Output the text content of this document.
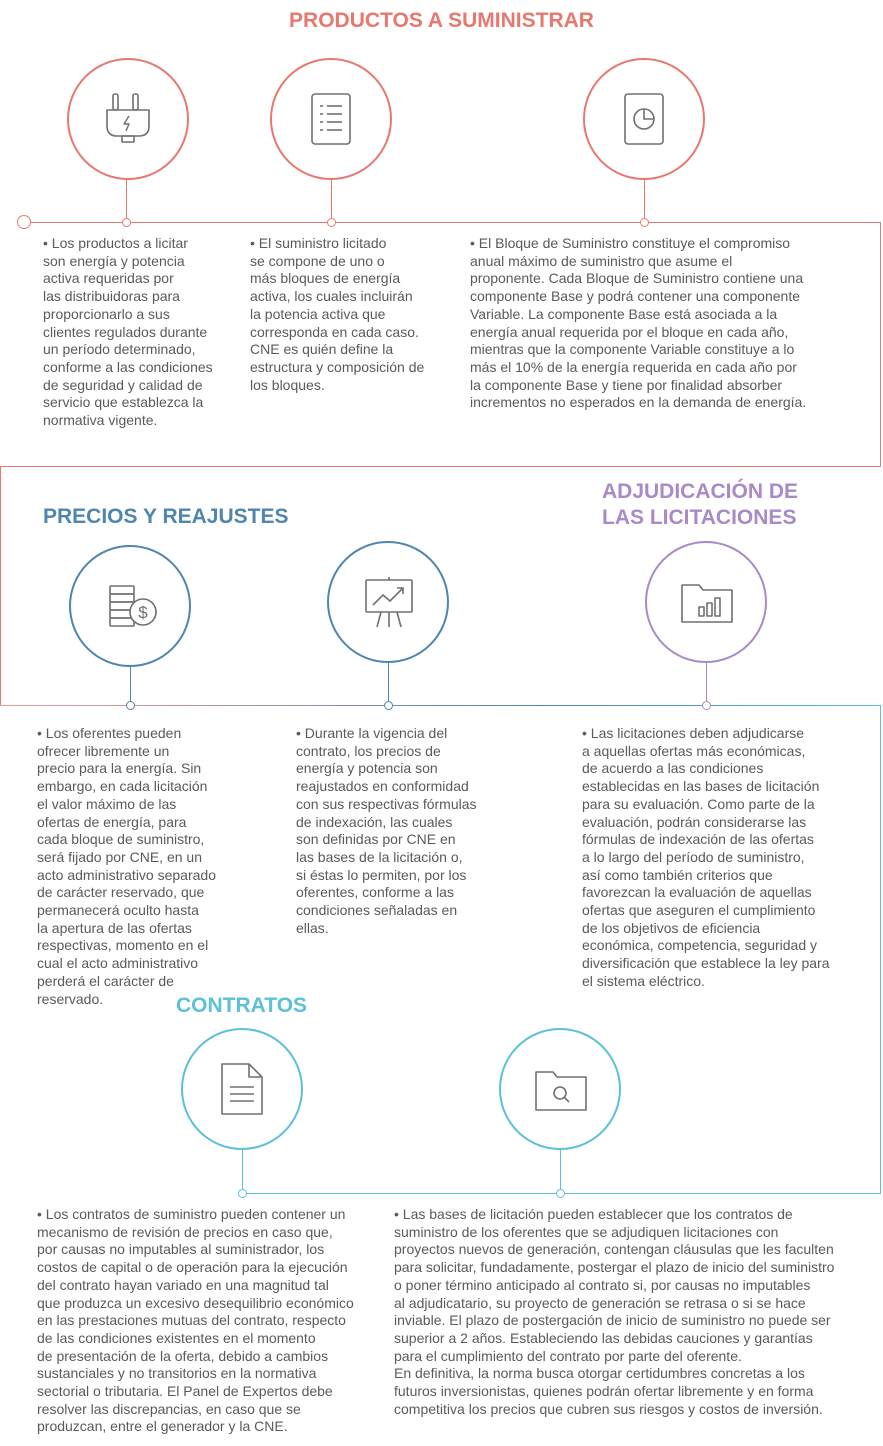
PRODUCTOS A SUMINISTRAR
• Los productos a licitar
son energía y potencia
activa requeridas por
las distribuidoras para
proporcionarlo a sus
clientes regulados durante
un período determinado,
conforme a las condiciones
de seguridad y calidad de
servicio que establezca la
normativa vigente.
• El suministro licitado
se compone de uno o
más bloques de energía
activa, los cuales incluirán
la potencia activa que
corresponda en cada caso.
CNE es quién define la
estructura y composición de
los bloques.
• El Bloque de Suministro constituye el compromiso
anual máximo de suministro que asume el
proponente. Cada Bloque de Suministro contiene una
componente Base y podrá contener una componente
Variable. La componente Base está asociada a la
energía anual requerida por el bloque en cada año,
mientras que la componente Variable constituye a lo
más el 10% de la energía requerida en cada año por
la componente Base y tiene por finalidad absorber
incrementos no esperados en la demanda de energía.
PRECIOS Y REAJUSTES
$
• Los oferentes pueden
ofrecer libremente un
precio para la energía. Sin
embargo, en cada licitación
el valor máximo de las
ofertas de energía, para
cada bloque de suministro,
será fijado por CNE, en un
acto administrativo separado
de carácter reservado, que
permanecerá oculto hasta
la apertura de las ofertas
respectivas, momento en el
cual el acto administrativo
perderá el carácter de
reservado.
• Durante la vigencia del
contrato, los precios de
energía y potencia son
reajustados en conformidad
con sus respectivas fórmulas
de indexación, las cuales
son definidas por CNE en
las bases de la licitación o,
si éstas lo permiten, por los
oferentes, conforme a las
condiciones señaladas en
ellas.
ADJUDICACIÓN DE
LAS LICITACIONES
• Las licitaciones deben adjudicarse
a aquellas ofertas más económicas,
de acuerdo a las condiciones
establecidas en las bases de licitación
para su evaluación. Como parte de la
evaluación, podrán considerarse las
fórmulas de indexación de las ofertas
a lo largo del período de suministro,
así como también criterios que
favorezcan la evaluación de aquellas
ofertas que aseguren el cumplimiento
de los objetivos de eficiencia
económica, competencia, seguridad y
diversificación que establece la ley para
el sistema eléctrico.
CONTRATOS
• Los contratos de suministro pueden contener un
mecanismo de revisión de precios en caso que,
por causas no imputables al suministrador, los
costos de capital o de operación para la ejecución
del contrato hayan variado en una magnitud tal
que produzca un excesivo desequilibrio económico
en las prestaciones mutuas del contrato, respecto
de las condiciones existentes en el momento
de presentación de la oferta, debido a cambios
sustanciales y no transitorios en la normativa
sectorial o tributaria. El Panel de Expertos debe
resolver las discrepancias, en caso que se
produzcan, entre el generador y la CNE.
• Las bases de licitación pueden establecer que los contratos de
suministro de los oferentes que se adjudiquen licitaciones con
proyectos nuevos de generación, contengan cláusulas que les faculten
para solicitar, fundadamente, postergar el plazo de inicio del suministro
o poner término anticipado al contrato si, por causas no imputables
al adjudicatario, su proyecto de generación se retrasa o si se hace
inviable. El plazo de postergación de inicio de suministro no puede ser
superior a 2 años. Estableciendo las debidas cauciones y garantías
para el cumplimiento del contrato por parte del oferente.
En definitiva, la norma busca otorgar certidumbres concretas a los
futuros inversionistas, quienes podrán ofertar libremente y en forma
competitiva los precios que cubren sus riesgos y costos de inversión.
